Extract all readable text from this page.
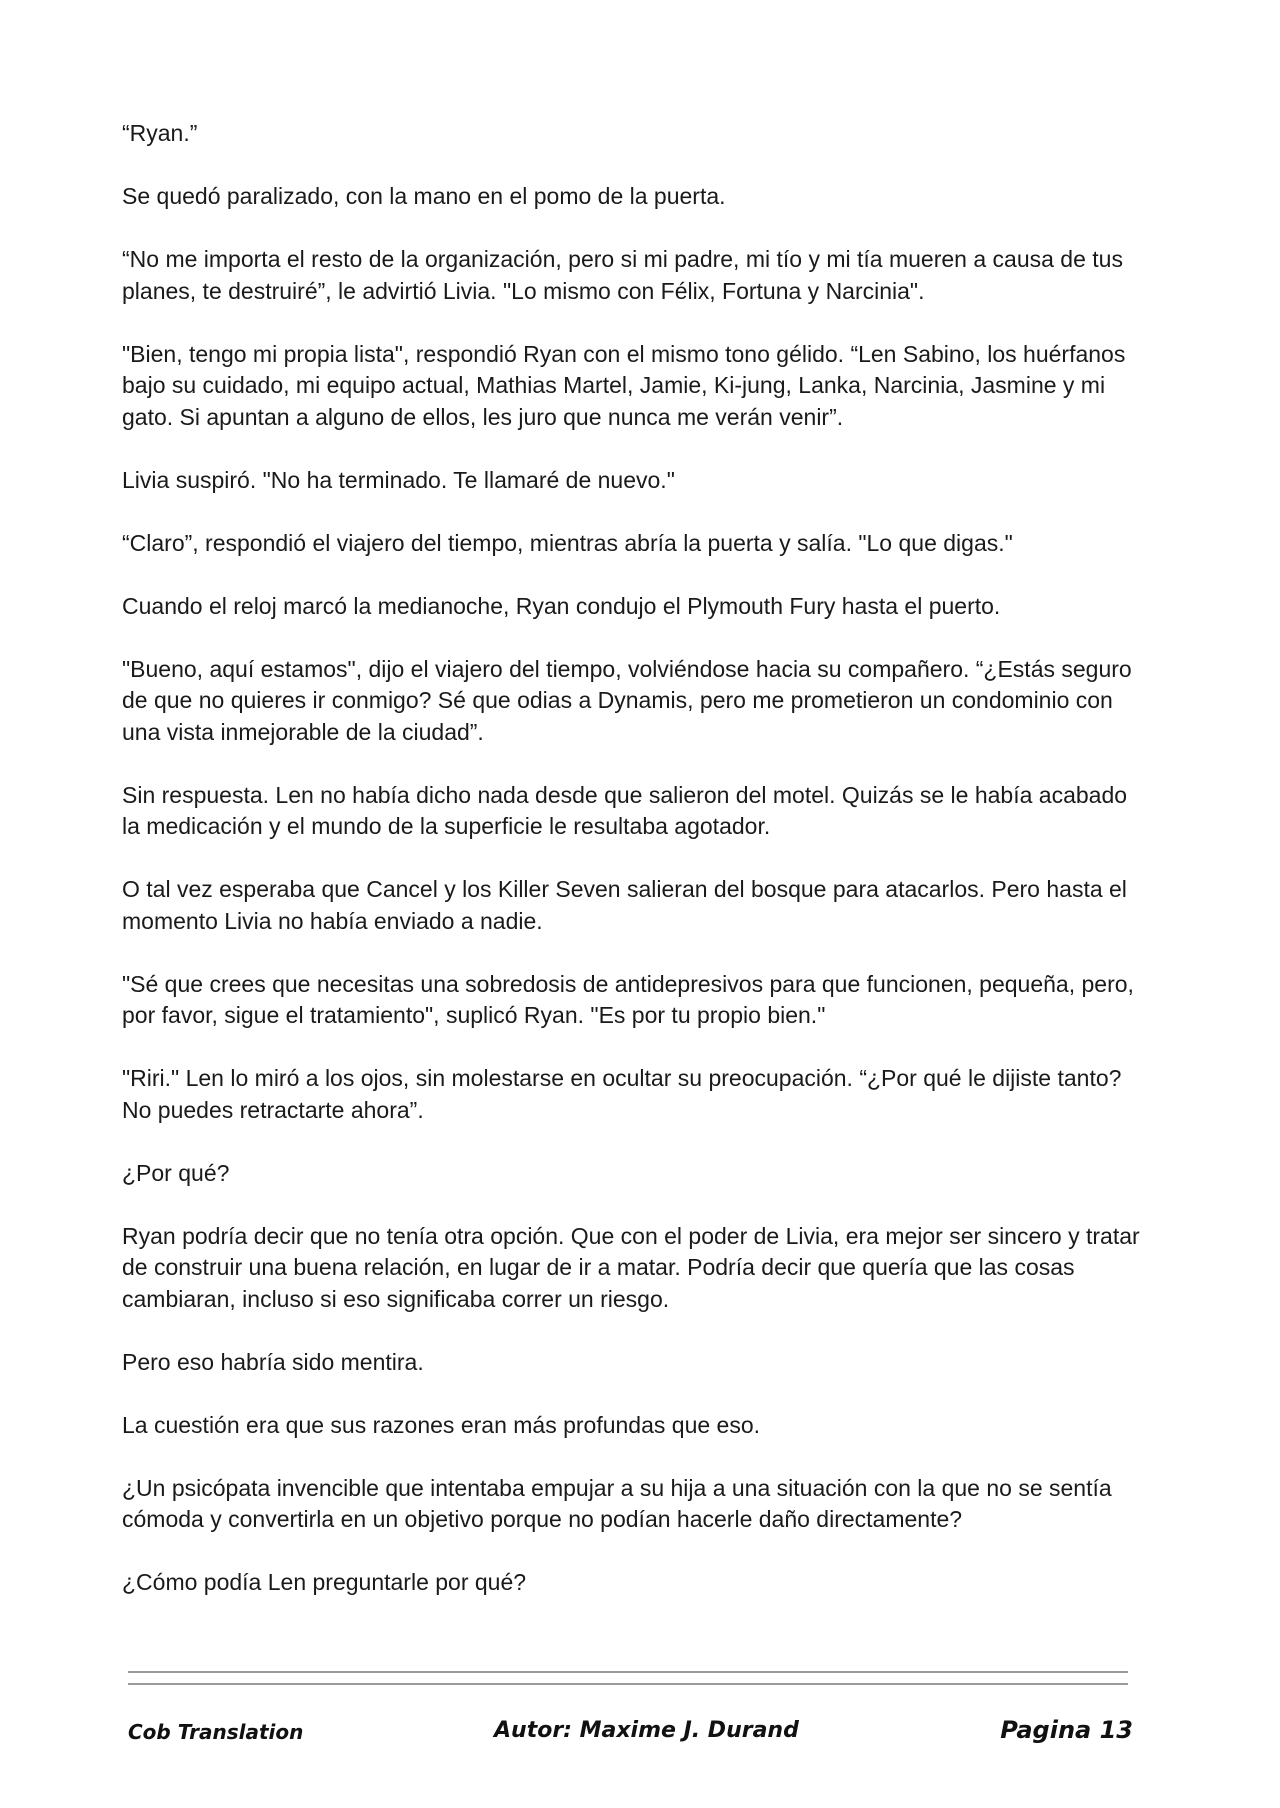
“Ryan.”

Se quedó paralizado, con la mano en el pomo de la puerta.

“No me importa el resto de la organización, pero si mi padre, mi tío y mi tía mueren a causa de tus planes, te destruiré”, le advirtió Livia. "Lo mismo con Félix, Fortuna y Narcinia".

"Bien, tengo mi propia lista", respondió Ryan con el mismo tono gélido. “Len Sabino, los huérfanos bajo su cuidado, mi equipo actual, Mathias Martel, Jamie, Ki-jung, Lanka, Narcinia, Jasmine y mi gato. Si apuntan a alguno de ellos, les juro que nunca me verán venir”.

Livia suspiró. "No ha terminado. Te llamaré de nuevo."

“Claro”, respondió el viajero del tiempo, mientras abría la puerta y salía. "Lo que digas."

Cuando el reloj marcó la medianoche, Ryan condujo el Plymouth Fury hasta el puerto.

"Bueno, aquí estamos", dijo el viajero del tiempo, volviéndose hacia su compañero. “¿Estás seguro de que no quieres ir conmigo? Sé que odias a Dynamis, pero me prometieron un condominio con una vista inmejorable de la ciudad”.

Sin respuesta. Len no había dicho nada desde que salieron del motel. Quizás se le había acabado la medicación y el mundo de la superficie le resultaba agotador.

O tal vez esperaba que Cancel y los Killer Seven salieran del bosque para atacarlos. Pero hasta el momento Livia no había enviado a nadie.

"Sé que crees que necesitas una sobredosis de antidepresivos para que funcionen, pequeña, pero, por favor, sigue el tratamiento", suplicó Ryan. "Es por tu propio bien."

"Riri." Len lo miró a los ojos, sin molestarse en ocultar su preocupación. “¿Por qué le dijiste tanto? No puedes retractarte ahora”.

¿Por qué?

Ryan podría decir que no tenía otra opción. Que con el poder de Livia, era mejor ser sincero y tratar de construir una buena relación, en lugar de ir a matar. Podría decir que quería que las cosas cambiaran, incluso si eso significaba correr un riesgo.

Pero eso habría sido mentira.

La cuestión era que sus razones eran más profundas que eso.

¿Un psicópata invencible que intentaba empujar a su hija a una situación con la que no se sentía cómoda y convertirla en un objetivo porque no podían hacerle daño directamente?

¿Cómo podía Len preguntarle por qué?

Cob Translation	Autor: Maxime J. Durand	Pagina 13
